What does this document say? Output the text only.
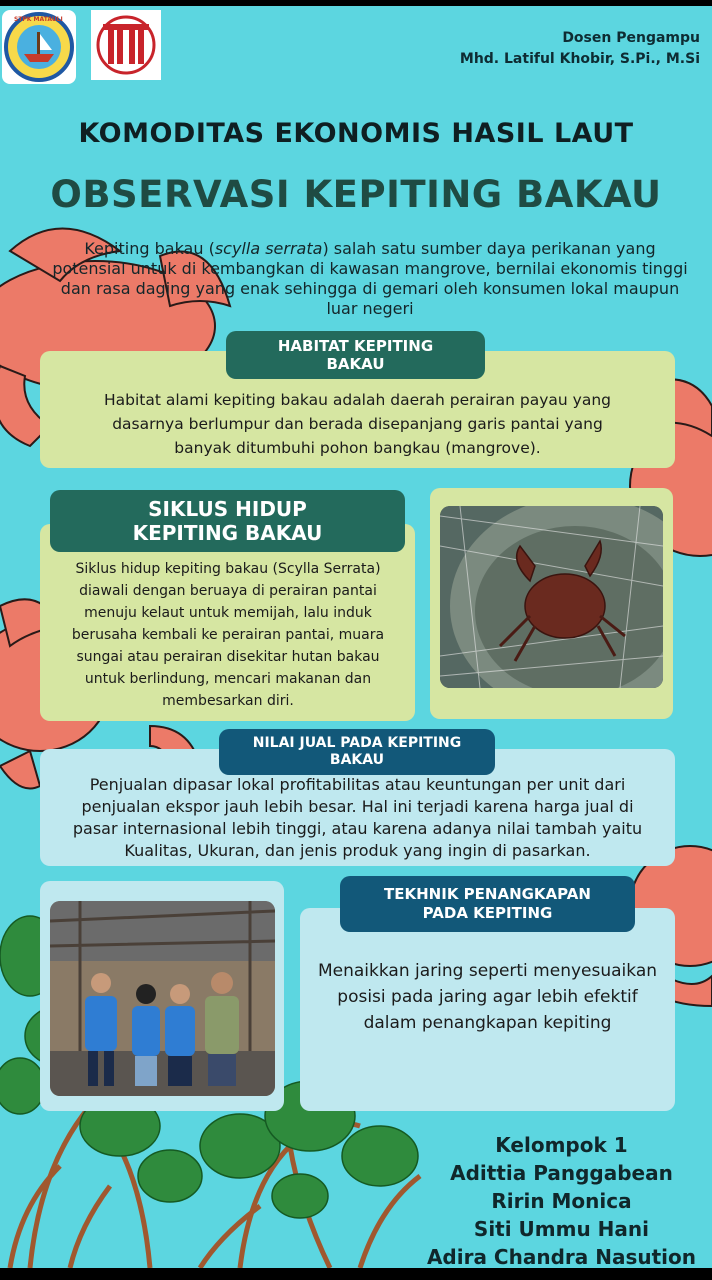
STPK MATAULI
Dosen Pengampu
Mhd. Latiful Khobir, S.Pi., M.Si
KOMODITAS EKONOMIS HASIL LAUT
OBSERVASI KEPITING BAKAU
Kepiting bakau (scylla serrata) salah satu sumber daya perikanan yang potensial untuk di kembangkan di kawasan mangrove, bernilai ekonomis tinggi dan rasa daging yang enak sehingga di gemari oleh konsumen lokal maupun luar negeri
Habitat alami kepiting bakau adalah daerah perairan payau yang dasarnya berlumpur dan berada disepanjang garis pantai yang banyak ditumbuhi pohon bangkau (mangrove).
HABITAT KEPITING BAKAU
Siklus hidup kepiting bakau (Scylla Serrata) diawali dengan beruaya di perairan pantai menuju kelaut untuk memijah, lalu induk berusaha kembali ke perairan pantai, muara sungai atau perairan disekitar hutan bakau untuk berlindung, mencari makanan dan membesarkan diri.
SIKLUS HIDUP KEPITING BAKAU
Penjualan dipasar lokal profitabilitas atau keuntungan per unit dari penjualan ekspor jauh lebih besar. Hal ini terjadi karena harga jual di pasar internasional lebih tinggi, atau karena adanya nilai tambah yaitu Kualitas, Ukuran, dan jenis produk yang ingin di pasarkan.
NILAI JUAL PADA KEPITING BAKAU
Menaikkan jaring seperti menyesuaikan posisi pada jaring agar lebih efektif dalam penangkapan kepiting
TEKHNIK PENANGKAPAN PADA KEPITING
Kelompok 1
Adittia Panggabean
Ririn Monica
Siti Ummu Hani
Adira Chandra Nasution
